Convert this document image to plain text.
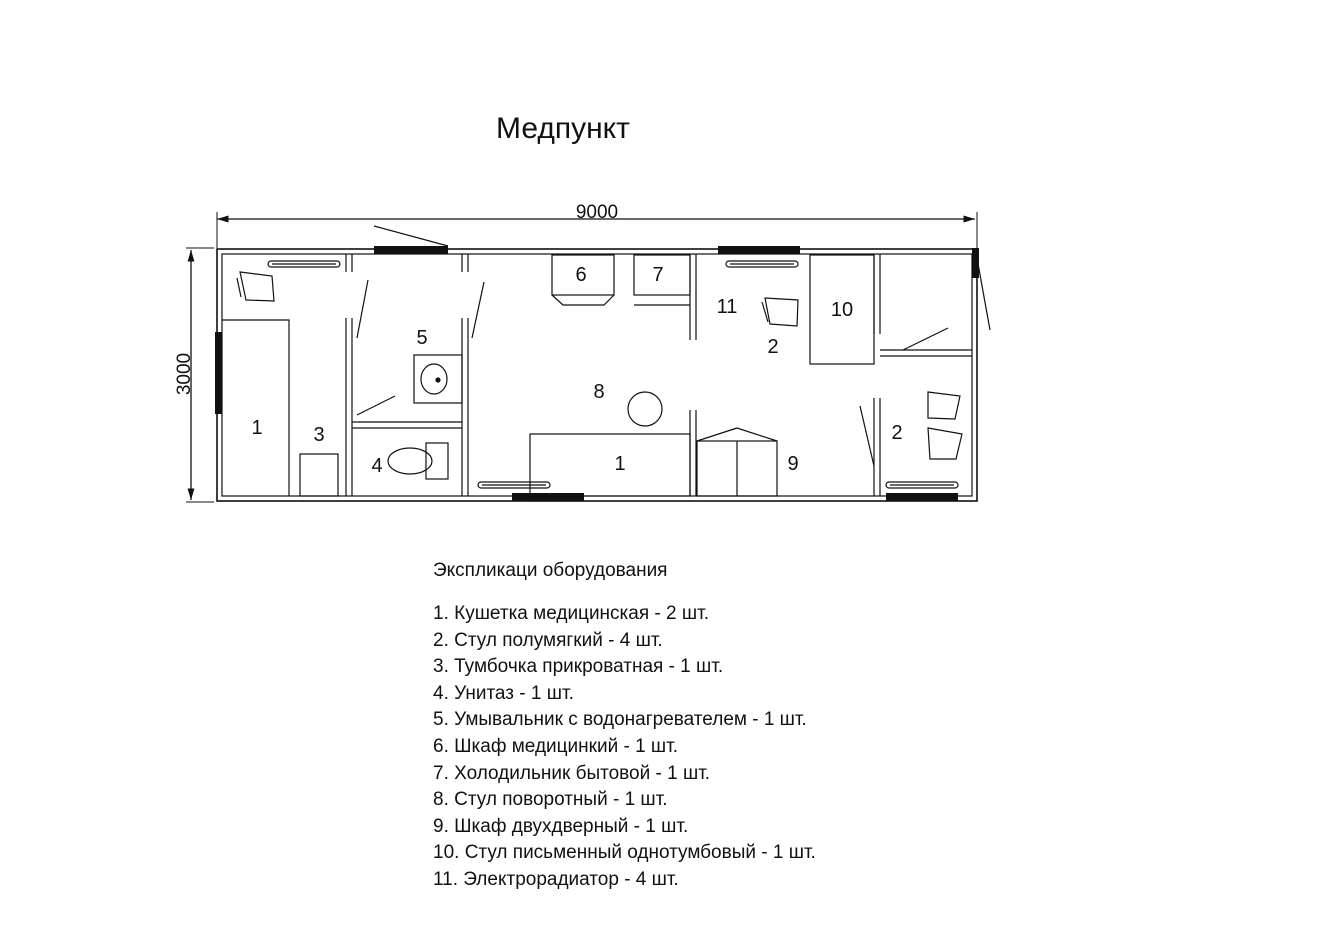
Медпункт
9000
3000
6	7
11	10
5	2
8
2
1	3
4	1	9
Экспликаци оборудования
1. Кушетка медицинская - 2 шт.
2. Стул полумягкий - 4 шт.
3. Тумбочка прикроватная - 1 шт.
4. Унитаз - 1 шт.
5. Умывальник с водонагревателем - 1 шт.
6. Шкаф медицинкий - 1 шт.
7. Холодильник бытовой - 1 шт.
8. Стул поворотный - 1 шт.
9. Шкаф двухдверный - 1 шт.
10. Стул письменный однотумбовый - 1 шт.
11. Электрорадиатор - 4 шт.
